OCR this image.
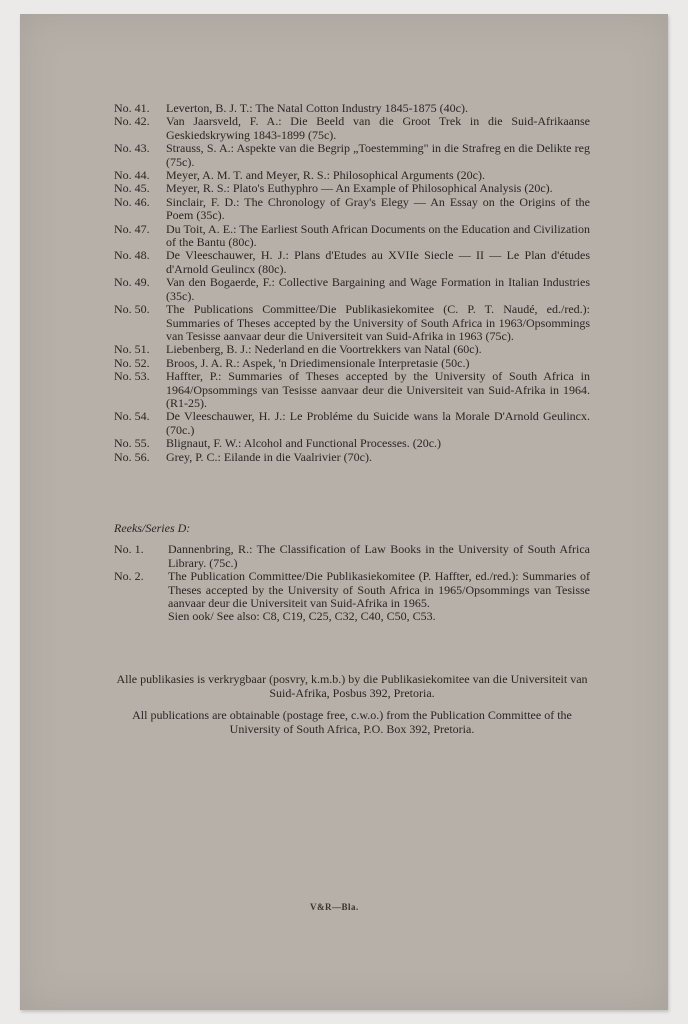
No. 41.	Leverton, B. J. T.: The Natal Cotton Industry 1845-1875 (40c).
No. 42.	Van Jaarsveld, F. A.: Die Beeld van die Groot Trek in die Suid-Afrikaanse Geskiedskrywing 1843-1899 (75c).
No. 43.	Strauss, S. A.: Aspekte van die Begrip „Toestemming" in die Strafreg en die Delikte reg (75c).
No. 44.	Meyer, A. M. T. and Meyer, R. S.: Philosophical Arguments (20c).
No. 45.	Meyer, R. S.: Plato's Euthyphro — An Example of Philosophical Analysis (20c).
No. 46.	Sinclair, F. D.: The Chronology of Gray's Elegy — An Essay on the Origins of the Poem (35c).
No. 47.	Du Toit, A. E.: The Earliest South African Documents on the Education and Civilization of the Bantu (80c).
No. 48.	De Vleeschauwer, H. J.: Plans d'Etudes au XVIIe Siecle — II — Le Plan d'études d'Arnold Geulincx (80c).
No. 49.	Van den Bogaerde, F.: Collective Bargaining and Wage Formation in Italian Industries (35c).
No. 50.	The Publications Committee/Die Publikasiekomitee (C. P. T. Naudé, ed./red.): Summaries of Theses accepted by the University of South Africa in 1963/Opsommings van Tesisse aanvaar deur die Universiteit van Suid-Afrika in 1963 (75c).
No. 51.	Liebenberg, B. J.: Nederland en die Voortrekkers van Natal (60c).
No. 52.	Broos, J. A. R.: Aspek, 'n Driedimensionale Interpretasie (50c.)
No. 53.	Haffter, P.: Summaries of Theses accepted by the University of South Africa in 1964/Opsommings van Tesisse aanvaar deur die Universiteit van Suid-Afrika in 1964. (R1-25).
No. 54.	De Vleeschauwer, H. J.: Le Probléme du Suicide wans la Morale D'Arnold Geulincx. (70c.)
No. 55.	Blignaut, F. W.: Alcohol and Functional Processes. (20c.)
No. 56.	Grey, P. C.: Eilande in die Vaalrivier (70c).
Reeks/Series D:
No. 1.	Dannenbring, R.: The Classification of Law Books in the University of South Africa Library. (75c.)
No. 2.	The Publication Committee/Die Publikasiekomitee (P. Haffter, ed./red.): Summaries of Theses accepted by the University of South Africa in 1965/Opsommings van Tesisse aanvaar deur die Universiteit van Suid-Afrika in 1965.
Sien ook/ See also: C8, C19, C25, C32, C40, C50, C53.
Alle publikasies is verkrygbaar (posvry, k.m.b.) by die Publikasiekomitee van die Universiteit van Suid-Afrika, Posbus 392, Pretoria.
All publications are obtainable (postage free, c.w.o.) from the Publication Committee of the University of South Africa, P.O. Box 392, Pretoria.
V&R—Bla.
